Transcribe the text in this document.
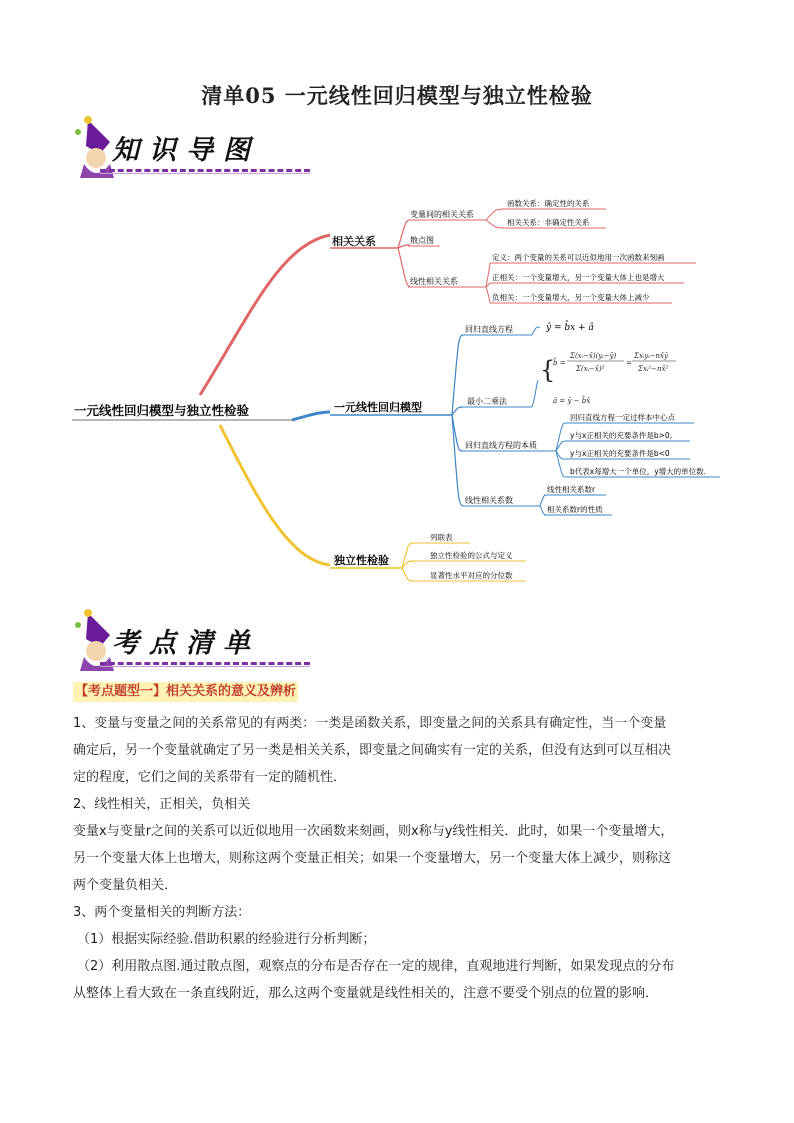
清单05 一元线性回归模型与独立性检验
知识导图
相关关系
变量间的相关关系
散点图
线性相关关系
函数关系：确定性的关系
相关关系：非确定性关系
定义：两个变量的关系可以近似地用一次函数来刻画
正相关：一个变量增大，另一个变量大体上也是增大
负相关：一个变量增大，另一个变量大体上减少
一元线性回归模型
回归直线方程
最小二乘法
回归直线方程的本质
线性相关系数
ŷ = b̂x + â
{
b̂ =
Σ(xᵢ−x̄)(yᵢ−ȳ)
Σ(xᵢ−x̄)²
=
Σxᵢyᵢ−nx̄ȳ
Σxᵢ²−nx̄²
â = ȳ − b̂x̄
回归直线方程一定过样本中心点
y与x正相关的充要条件是b>0,
y与x正相关的充要条件是b<0
b代表x每增大一个单位，y增大的单位数.
线性相关系数r
相关系数r的性质
独立性检验
列联表
独立性检验的公式与定义
显著性水平对应的分位数
一元线性回归模型与独立性检验
考点清单
【考点题型一】相关关系的意义及辨析

1、变量与变量之间的关系常见的有两类：一类是函数关系，即变量之间的关系具有确定性，当一个变量

确定后，另一个变量就确定了另一类是相关关系，即变量之间确实有一定的关系，但没有达到可以互相决

定的程度，它们之间的关系带有一定的随机性．

2、线性相关，正相关，负相关

变量x与变量r之间的关系可以近似地用一次函数来刻画，则x称与y线性相关．此时，如果一个变量增大，

另一个变量大体上也增大，则称这两个变量正相关；如果一个变量增大，另一个变量大体上减少，则称这

两个变量负相关．

3、两个变量相关的判断方法：

（1）根据实际经验.借助积累的经验进行分析判断；

（2）利用散点图.通过散点图，观察点的分布是否存在一定的规律，直观地进行判断，如果发现点的分布

从整体上看大致在一条直线附近，那么这两个变量就是线性相关的，注意不要受个别点的位置的影响．
